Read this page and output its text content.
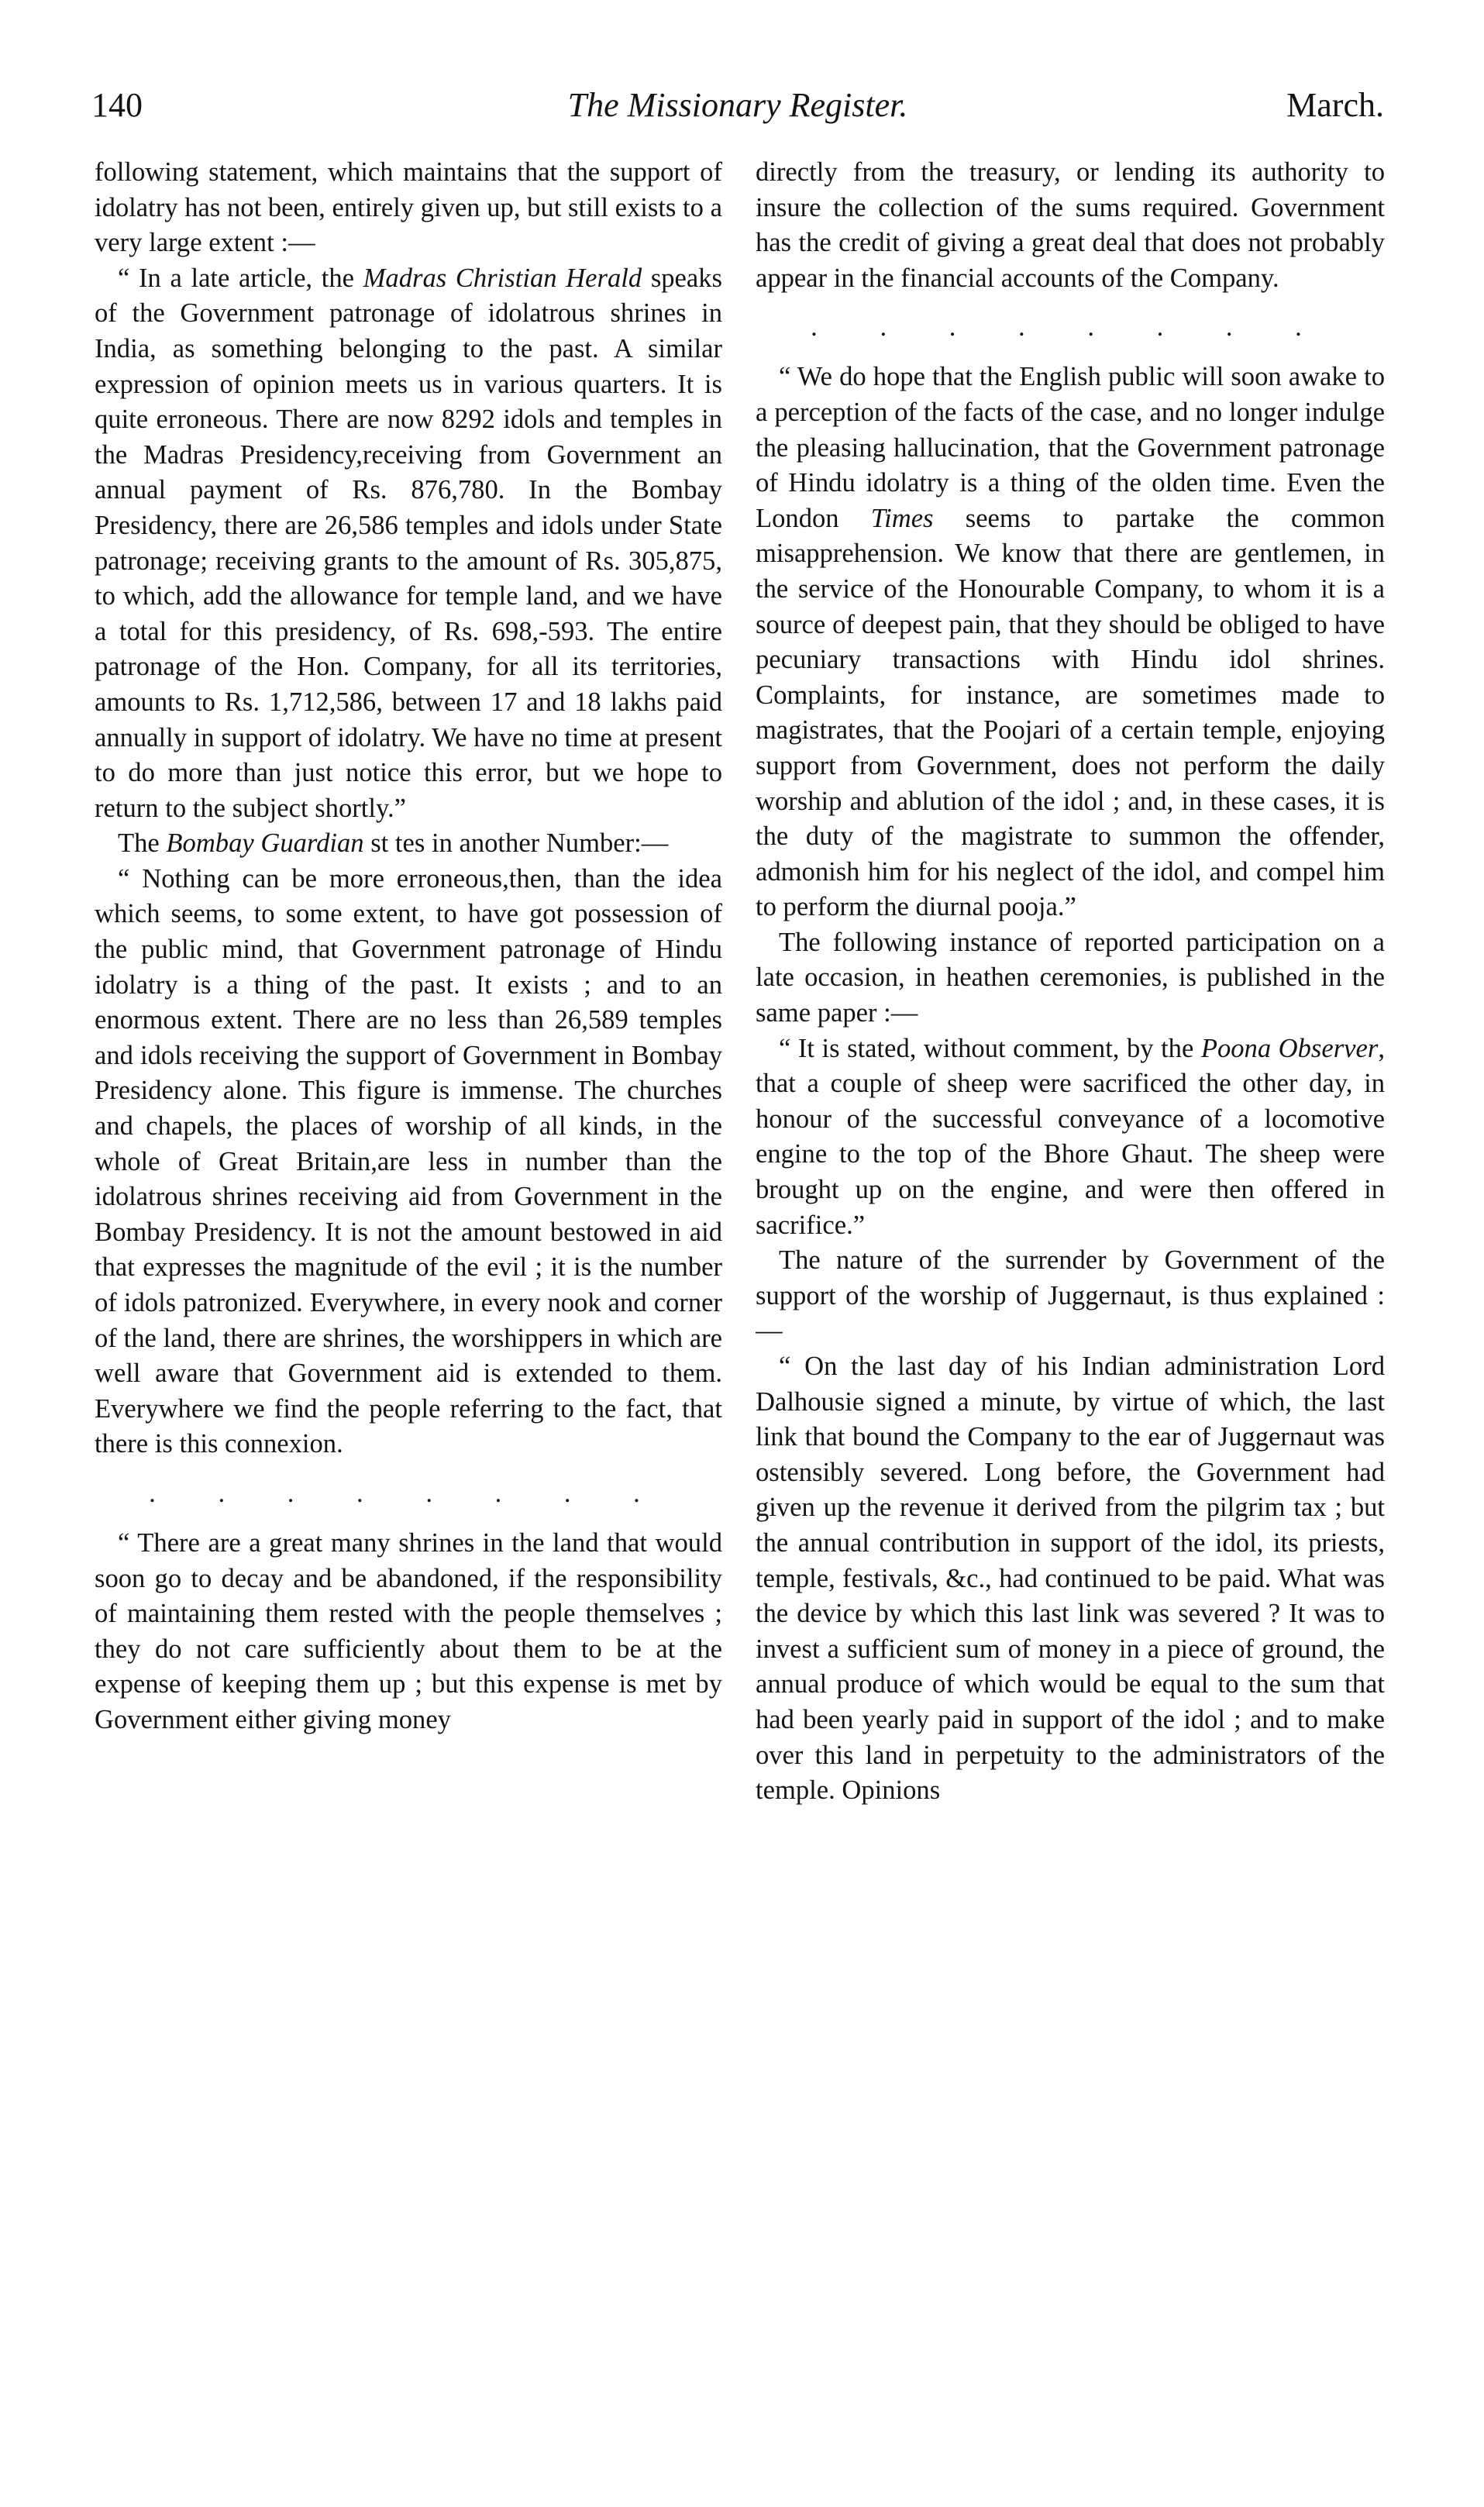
140	The Missionary Register.	March.

following statement, which maintains that the support of idolatry has not been, entirely given up, but still exists to a very large extent :—

“ In a late article, the Madras Christian Herald speaks of the Government patronage of idolatrous shrines in India, as something belonging to the past. A similar expression of opinion meets us in various quarters. It is quite erroneous. There are now 8292 idols and temples in the Madras Presidency,receiving from Government an annual payment of Rs. 876,780. In the Bombay Presidency, there are 26,586 temples and idols under State patronage; receiving grants to the amount of Rs. 305,875, to which, add the allowance for temple land, and we have a total for this presidency, of Rs. 698,-593. The entire patronage of the Hon. Company, for all its territories, amounts to Rs. 1,712,586, between 17 and 18 lakhs paid annually in support of idolatry. We have no time at present to do more than just notice this error, but we hope to return to the subject shortly.”

The Bombay Guardian st tes in another Number:—

“ Nothing can be more erroneous,then, than the idea which seems, to some extent, to have got possession of the public mind, that Government patronage of Hindu idolatry is a thing of the past. It exists ; and to an enormous extent. There are no less than 26,589 temples and idols receiving the support of Government in Bombay Presidency alone. This figure is immense. The churches and chapels, the places of worship of all kinds, in the whole of Great Britain,are less in number than the idolatrous shrines receiving aid from Government in the Bombay Presidency. It is not the amount bestowed in aid that expresses the magnitude of the evil ; it is the number of idols patronized. Everywhere, in every nook and corner of the land, there are shrines, the worshippers in which are well aware that Government aid is extended to them. Everywhere we find the people referring to the fact, that there is this connexion.

. . . . . . . .

“ There are a great many shrines in the land that would soon go to decay and be abandoned, if the responsibility of maintaining them rested with the people themselves ; they do not care sufficiently about them to be at the expense of keeping them up ; but this expense is met by Government either giving money

directly from the treasury, or lending its authority to insure the collection of the sums required. Government has the credit of giving a great deal that does not probably appear in the financial accounts of the Company.

. . . . . . . .

“ We do hope that the English public will soon awake to a perception of the facts of the case, and no longer indulge the pleasing hallucination, that the Government patronage of Hindu idolatry is a thing of the olden time. Even the London Times seems to partake the common misapprehension. We know that there are gentlemen, in the service of the Honourable Company, to whom it is a source of deepest pain, that they should be obliged to have pecuniary transactions with Hindu idol shrines. Complaints, for instance, are sometimes made to magistrates, that the Poojari of a certain temple, enjoying support from Government, does not perform the daily worship and ablution of the idol ; and, in these cases, it is the duty of the magistrate to summon the offender, admonish him for his neglect of the idol, and compel him to perform the diurnal pooja.”

The following instance of reported participation on a late occasion, in heathen ceremonies, is published in the same paper :—

“ It is stated, without comment, by the Poona Observer, that a couple of sheep were sacrificed the other day, in honour of the successful conveyance of a locomotive engine to the top of the Bhore Ghaut. The sheep were brought up on the engine, and were then offered in sacrifice.”

The nature of the surrender by Government of the support of the worship of Juggernaut, is thus explained :—

“ On the last day of his Indian administration Lord Dalhousie signed a minute, by virtue of which, the last link that bound the Company to the ear of Juggernaut was ostensibly severed. Long before, the Government had given up the revenue it derived from the pilgrim tax ; but the annual contribution in support of the idol, its priests, temple, festivals, &c., had continued to be paid. What was the device by which this last link was severed ? It was to invest a sufficient sum of money in a piece of ground, the annual produce of which would be equal to the sum that had been yearly paid in support of the idol ; and to make over this land in perpetuity to the administrators of the temple. Opinions
